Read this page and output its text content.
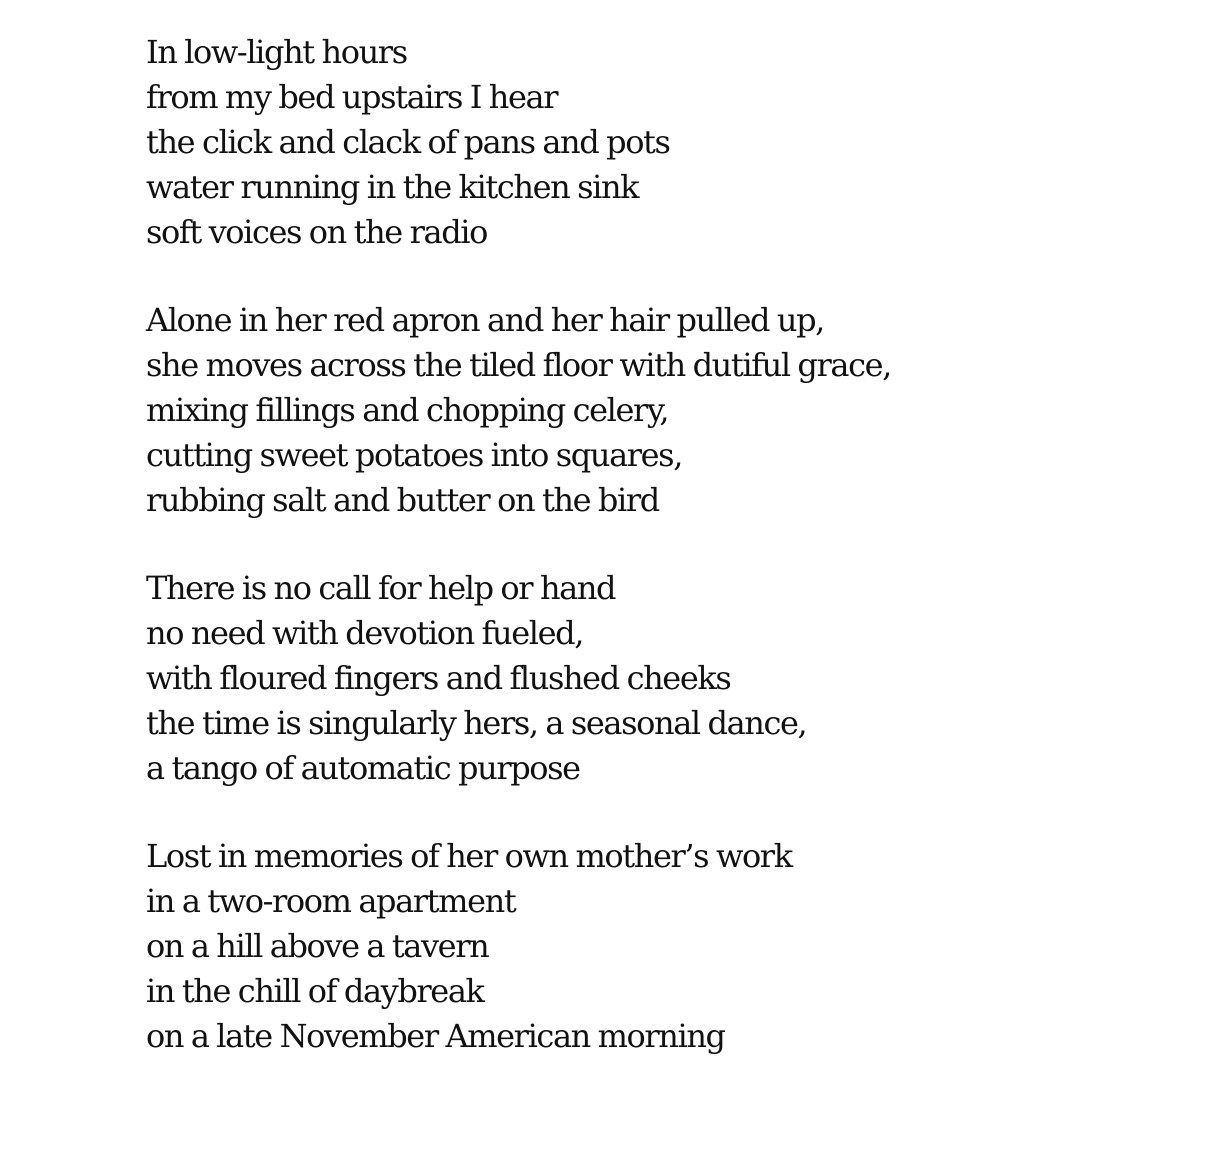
In low-light hours
from my bed upstairs I hear
the click and clack of pans and pots
water running in the kitchen sink
soft voices on the radio
Alone in her red apron and her hair pulled up,
she moves across the tiled floor with dutiful grace,
mixing fillings and chopping celery,
cutting sweet potatoes into squares,
rubbing salt and butter on the bird
There is no call for help or hand
no need with devotion fueled,
with floured fingers and flushed cheeks
the time is singularly hers, a seasonal dance,
a tango of automatic purpose
Lost in memories of her own mother’s work
in a two-room apartment
on a hill above a tavern
in the chill of daybreak
on a late November American morning
